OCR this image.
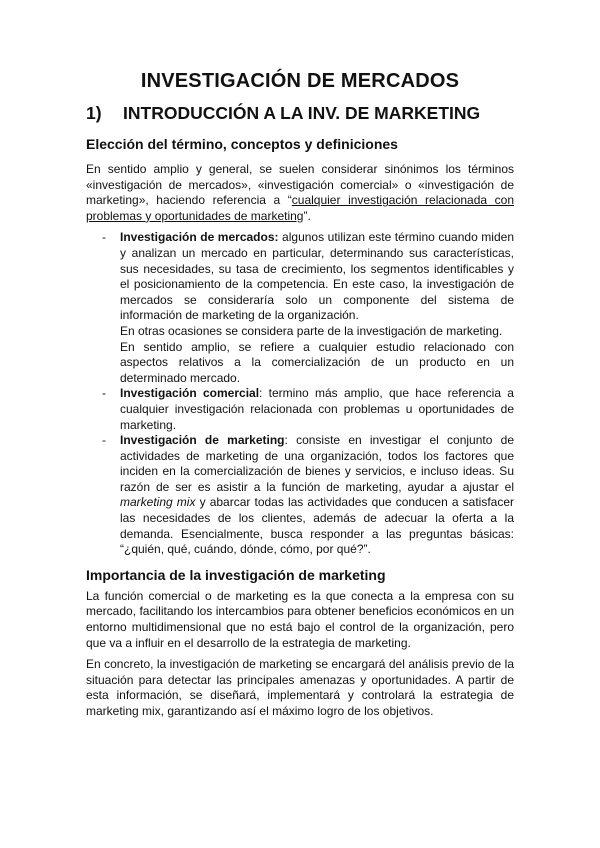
INVESTIGACIÓN DE MERCADOS
1)	INTRODUCCIÓN A LA INV. DE MARKETING
Elección del término, conceptos y definiciones

En sentido amplio y general, se suelen considerar sinónimos los términos «investigación de mercados», «investigación comercial» o «investigación de marketing», haciendo referencia a “cualquier investigación relacionada con problemas y oportunidades de marketing”.

- Investigación de mercados: algunos utilizan este término cuando miden y analizan un mercado en particular, determinando sus características, sus necesidades, su tasa de crecimiento, los segmentos identificables y el posicionamiento de la competencia. En este caso, la investigación de mercados se consideraría solo un componente del sistema de información de marketing de la organización.
En otras ocasiones se considera parte de la investigación de marketing.
En sentido amplio, se refiere a cualquier estudio relacionado con aspectos relativos a la comercialización de un producto en un determinado mercado.
- Investigación comercial: termino más amplio, que hace referencia a cualquier investigación relacionada con problemas u oportunidades de marketing.
- Investigación de marketing: consiste en investigar el conjunto de actividades de marketing de una organización, todos los factores que inciden en la comercialización de bienes y servicios, e incluso ideas. Su razón de ser es asistir a la función de marketing, ayudar a ajustar el marketing mix y abarcar todas las actividades que conducen a satisfacer las necesidades de los clientes, además de adecuar la oferta a la demanda. Esencialmente, busca responder a las preguntas básicas: “¿quién, qué, cuándo, dónde, cómo, por qué?”.
Importancia de la investigación de marketing

La función comercial o de marketing es la que conecta a la empresa con su mercado, facilitando los intercambios para obtener beneficios económicos en un entorno multidimensional que no está bajo el control de la organización, pero que va a influir en el desarrollo de la estrategia de marketing.

En concreto, la investigación de marketing se encargará del análisis previo de la situación para detectar las principales amenazas y oportunidades. A partir de esta información, se diseñará, implementará y controlará la estrategia de marketing mix, garantizando así el máximo logro de los objetivos.
